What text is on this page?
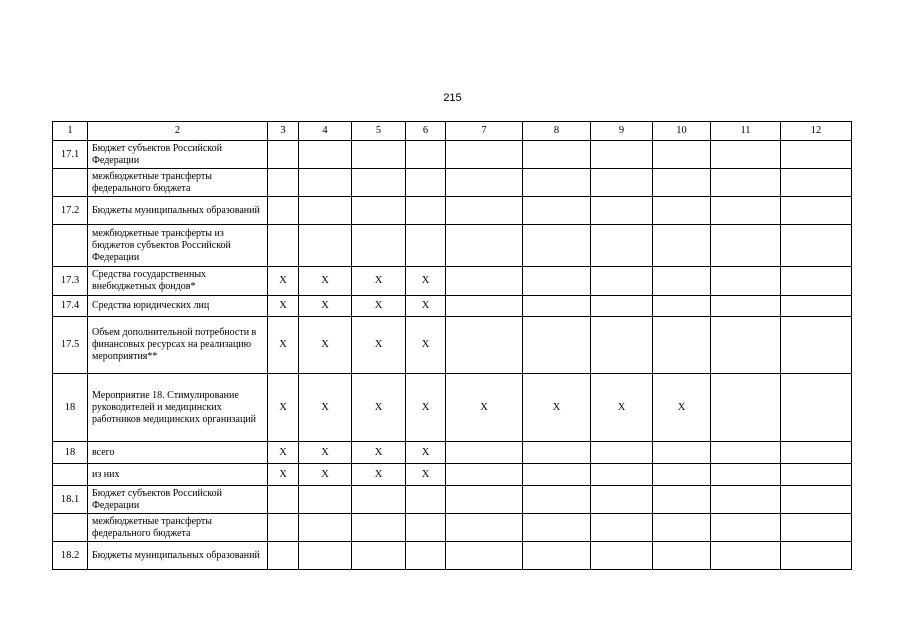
215
1	2	3	4	5	6	7	8	9	10	11	12
17.1	Бюджет субъектов Российской Федерации										
	межбюджетные трансферты федерального бюджета										
17.2	Бюджеты муниципальных образований										
	межбюджетные трансферты из бюджетов субъектов Российской Федерации										
17.3	Средства государственных внебюджетных фондов*	X	X	X	X						
17.4	Средства юридических лиц	X	X	X	X						
17.5	Объем дополнительной потребности в финансовых ресурсах на реализацию мероприятия**	X	X	X	X						
18	Мероприятие 18. Стимулирование руководителей и медицинских работников медицинских организаций	X	X	X	X	X	X	X	X		
18	всего	X	X	X	X						
	из них	X	X	X	X						
18.1	Бюджет субъектов Российской Федерации										
	межбюджетные трансферты федерального бюджета										
18.2	Бюджеты муниципальных образований										
